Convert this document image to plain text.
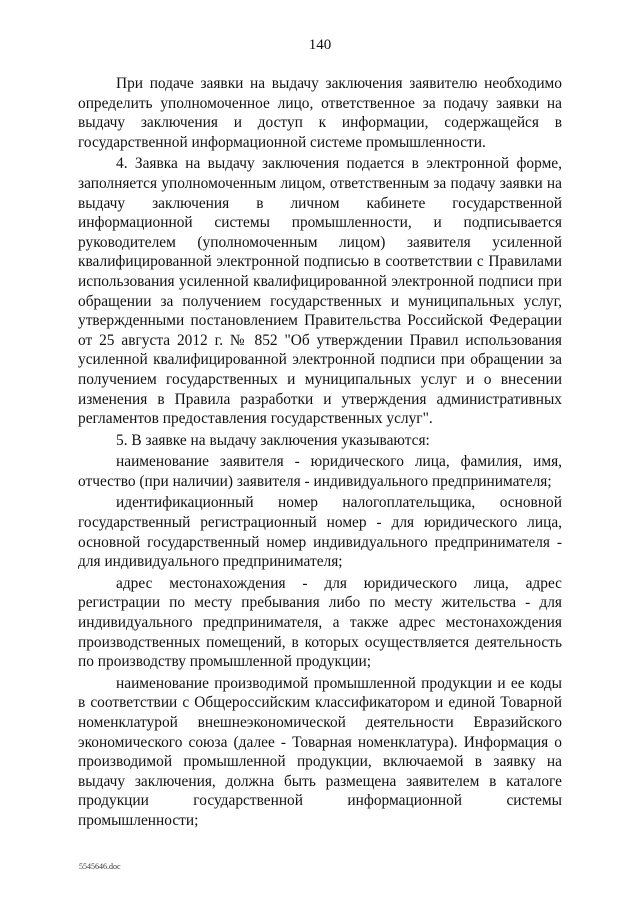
140

При подаче заявки на выдачу заключения заявителю необходимо определить уполномоченное лицо, ответственное за подачу заявки на выдачу заключения и доступ к информации, содержащейся в государственной информационной системе промышленности.

4. Заявка на выдачу заключения подается в электронной форме, заполняется уполномоченным лицом, ответственным за подачу заявки на выдачу заключения в личном кабинете государственной информационной системы промышленности, и подписывается руководителем (уполномоченным лицом) заявителя усиленной квалифицированной электронной подписью в соответствии с Правилами использования усиленной квалифицированной электронной подписи при обращении за получением государственных и муниципальных услуг, утвержденными постановлением Правительства Российской Федерации от 25 августа 2012 г. № 852 "Об утверждении Правил использования усиленной квалифицированной электронной подписи при обращении за получением государственных и муниципальных услуг и о внесении изменения в Правила разработки и утверждения административных регламентов предоставления государственных услуг".

5. В заявке на выдачу заключения указываются:

наименование заявителя - юридического лица, фамилия, имя, отчество (при наличии) заявителя - индивидуального предпринимателя;

идентификационный номер налогоплательщика, основной государственный регистрационный номер - для юридического лица, основной государственный номер индивидуального предпринимателя - для индивидуального предпринимателя;

адрес местонахождения - для юридического лица, адрес регистрации по месту пребывания либо по месту жительства - для индивидуального предпринимателя, а также адрес местонахождения производственных помещений, в которых осуществляется деятельность по производству промышленной продукции;

наименование производимой промышленной продукции и ее коды в соответствии с Общероссийским классификатором и единой Товарной номенклатурой внешнеэкономической деятельности Евразийского экономического союза (далее - Товарная номенклатура). Информация о производимой промышленной продукции, включаемой в заявку на выдачу заключения, должна быть размещена заявителем в каталоге продукции государственной информационной системы промышленности;

5545646.doc
